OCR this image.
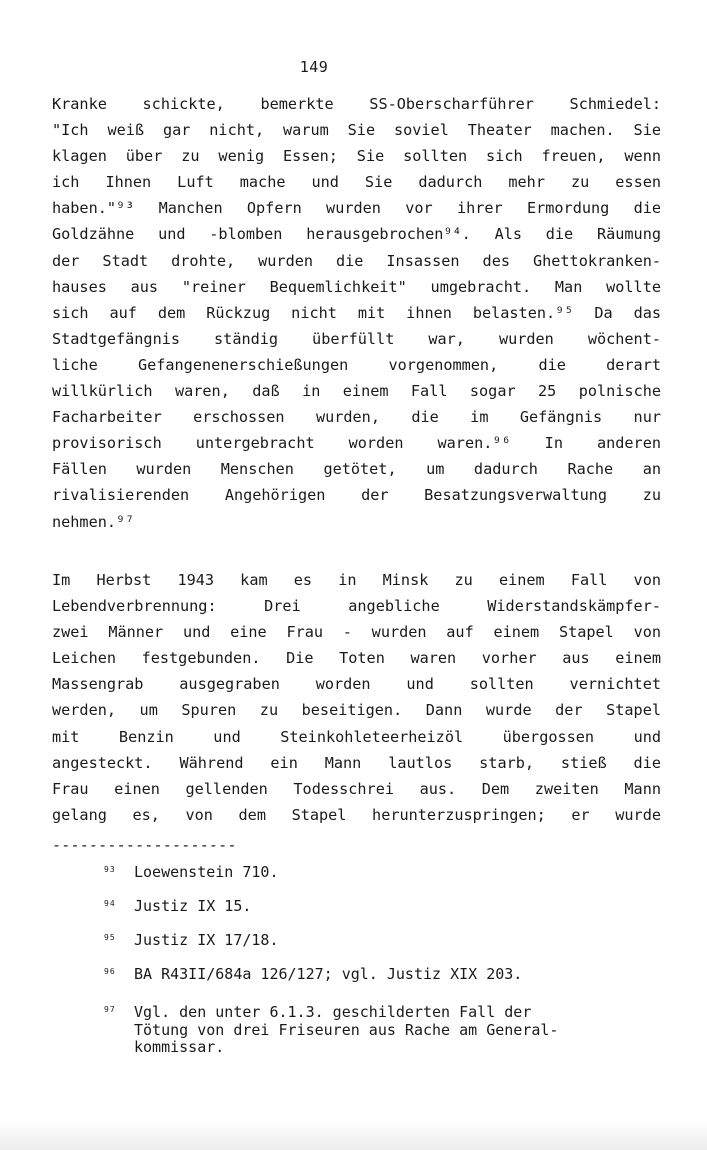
149
Kranke schickte, bemerkte SS-Oberscharführer Schmiedel:
"Ich weiß gar nicht, warum Sie soviel Theater machen. Sie
klagen über zu wenig Essen; Sie sollten sich freuen, wenn
ich Ihnen Luft mache und Sie dadurch mehr zu essen
haben."⁹³ Manchen Opfern wurden vor ihrer Ermordung die
Goldzähne und -blomben herausgebrochen⁹⁴. Als die Räumung
der Stadt drohte, wurden die Insassen des Ghettokranken-
hauses aus "reiner Bequemlichkeit" umgebracht. Man wollte
sich auf dem Rückzug nicht mit ihnen belasten.⁹⁵ Da das
Stadtgefängnis ständig überfüllt war, wurden wöchent-
liche Gefangenenerschießungen vorgenommen, die derart
willkürlich waren, daß in einem Fall sogar 25 polnische
Facharbeiter erschossen wurden, die im Gefängnis nur
provisorisch untergebracht worden waren.⁹⁶ In anderen
Fällen wurden Menschen getötet, um dadurch Rache an
rivalisierenden Angehörigen der Besatzungsverwaltung zu
nehmen.⁹⁷
Im Herbst 1943 kam es in Minsk zu einem Fall von
Lebendverbrennung: Drei angebliche Widerstandskämpfer-
zwei Männer und eine Frau - wurden auf einem Stapel von
Leichen festgebunden. Die Toten waren vorher aus einem
Massengrab ausgegraben worden und sollten vernichtet
werden, um Spuren zu beseitigen. Dann wurde der Stapel
mit Benzin und Steinkohleteerheizöl übergossen und
angesteckt. Während ein Mann lautlos starb, stieß die
Frau einen gellenden Todesschrei aus. Dem zweiten Mann
gelang es, von dem Stapel herunterzuspringen; er wurde
--------------------
93 Loewenstein 710.
94 Justiz IX 15.
95 Justiz IX 17/18.
96 BA R43II/684a 126/127; vgl. Justiz XIX 203.
97 Vgl. den unter 6.1.3. geschilderten Fall der
Tötung von drei Friseuren aus Rache am General-
kommissar.
